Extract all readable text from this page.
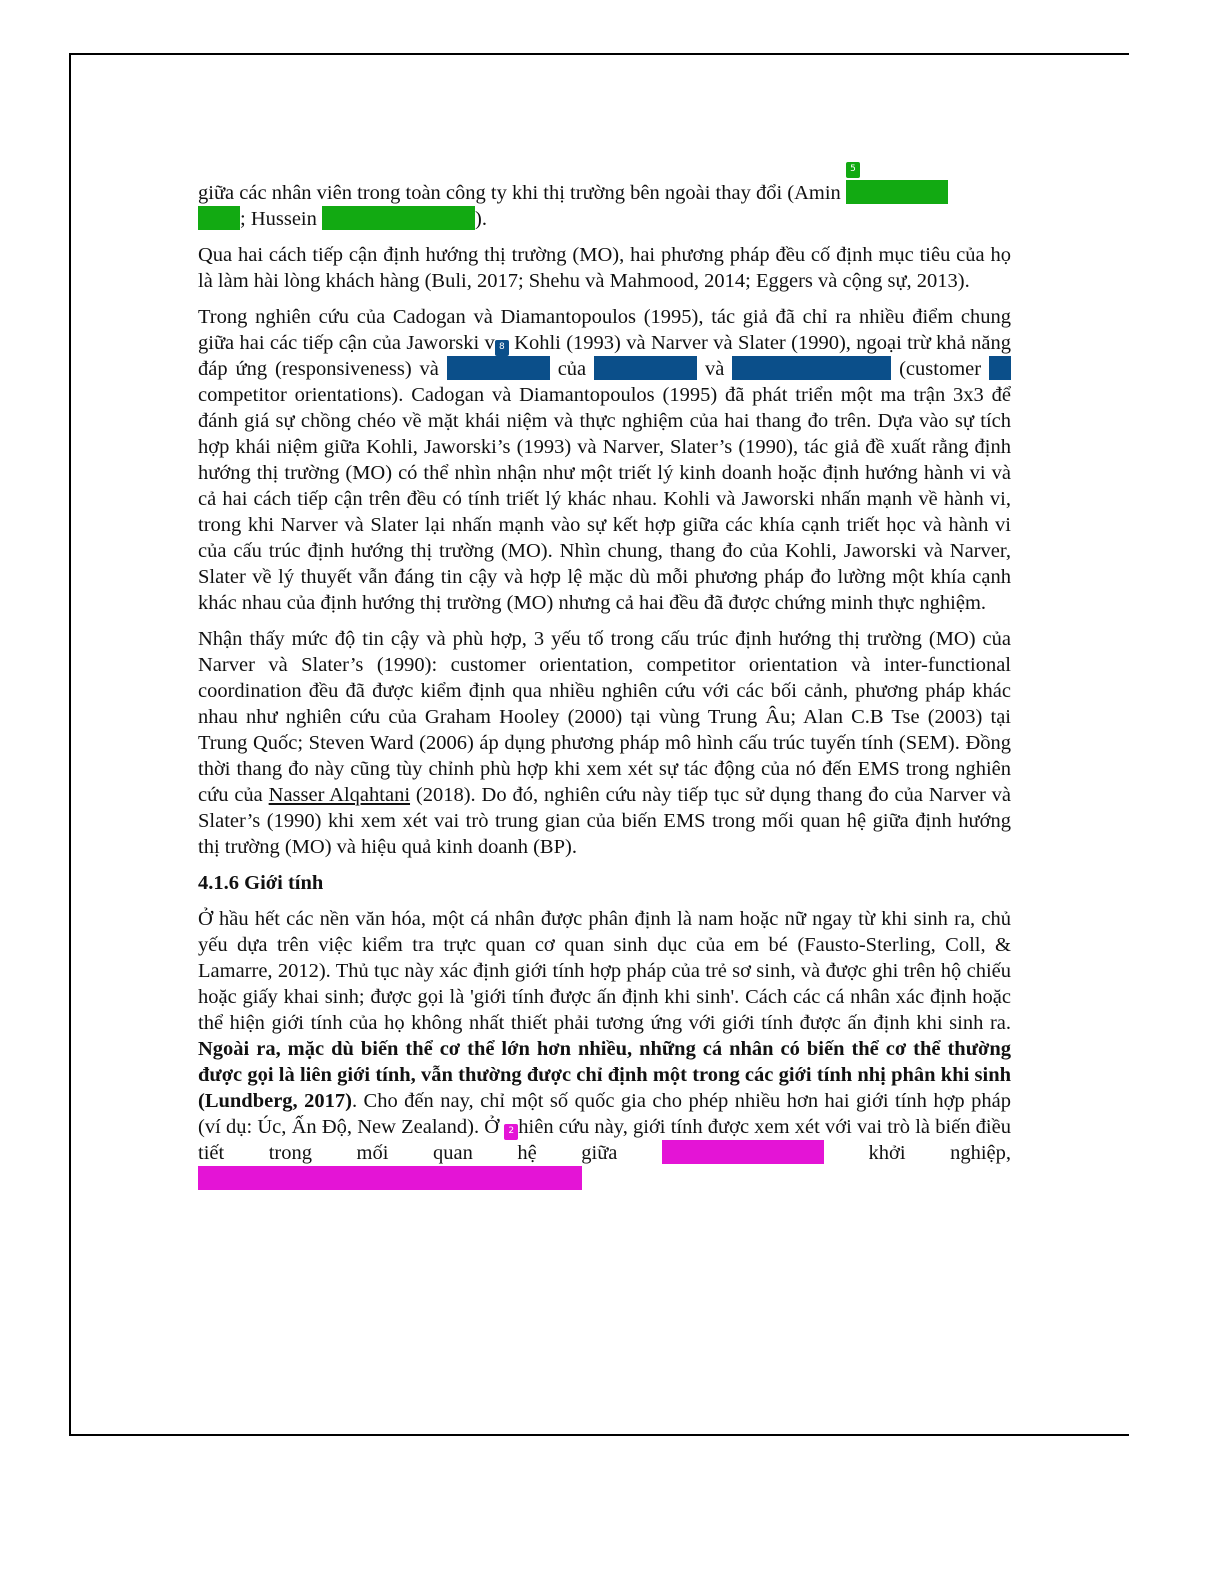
giữa các nhân viên trong toàn công ty khi thị trường bên ngoài thay đổi (Amin
5

; Hussein	).

Qua hai cách tiếp cận định hướng thị trường (MO), hai phương pháp đều cố định mục tiêu của họ là làm hài lòng khách hàng (Buli, 2017; Shehu và Mahmood, 2014; Eggers và cộng sự, 2013).

Trong nghiên cứu của Cadogan và Diamantopoulos (1995), tác giả đã chỉ ra nhiều điểm chung giữa hai các tiếp cận của Jaworski v 8 Kohli (1993) và Narver và Slater (1990), ngoại trừ khả năng đáp ứng (responsiveness) và	của	và	(customer  competitor orientations). Cadogan và Diamantopoulos (1995) đã phát triển một ma trận 3x3 để đánh giá sự chồng chéo về mặt khái niệm và thực nghiệm của hai thang đo trên. Dựa vào sự tích hợp khái niệm giữa Kohli, Jaworski’s (1993) và Narver, Slater’s (1990), tác giả đề xuất rằng định hướng thị trường (MO) có thể nhìn nhận như một triết lý kinh doanh hoặc định hướng hành vi và cả hai cách tiếp cận trên đều có tính triết lý khác nhau. Kohli và Jaworski nhấn mạnh về hành vi, trong khi Narver và Slater lại nhấn mạnh vào sự kết hợp giữa các khía cạnh triết học và hành vi của cấu trúc định hướng thị trường (MO). Nhìn chung, thang đo của Kohli, Jaworski và Narver, Slater về lý thuyết vẫn đáng tin cậy và hợp lệ mặc dù mỗi phương pháp đo lường một khía cạnh khác nhau của định hướng thị trường (MO) nhưng cả hai đều đã được chứng minh thực nghiệm.

Nhận thấy mức độ tin cậy và phù hợp, 3 yếu tố trong cấu trúc định hướng thị trường (MO) của Narver và Slater’s (1990): customer orientation, competitor orientation và inter-functional coordination đều đã được kiểm định qua nhiều nghiên cứu với các bối cảnh, phương pháp khác nhau như nghiên cứu của Graham Hooley (2000) tại vùng Trung Âu; Alan C.B Tse (2003) tại Trung Quốc; Steven Ward (2006) áp dụng phương pháp mô hình cấu trúc tuyến tính (SEM). Đồng thời thang đo này cũng tùy chỉnh phù hợp khi xem xét sự tác động của nó đến EMS trong nghiên cứu của Nasser Alqahtani (2018). Do đó, nghiên cứu này tiếp tục sử dụng thang đo của Narver và Slater’s (1990) khi xem xét vai trò trung gian của biến EMS trong mối quan hệ giữa định hướng thị trường (MO) và hiệu quả kinh doanh (BP).

4.1.6 Giới tính

Ở hầu hết các nền văn hóa, một cá nhân được phân định là nam hoặc nữ ngay từ khi sinh ra, chủ yếu dựa trên việc kiểm tra trực quan cơ quan sinh dục của em bé (Fausto-Sterling, Coll, & Lamarre, 2012). Thủ tục này xác định giới tính hợp pháp của trẻ sơ sinh, và được ghi trên hộ chiếu hoặc giấy khai sinh; được gọi là 'giới tính được ấn định khi sinh'. Cách các cá nhân xác định hoặc thể hiện giới tính của họ không nhất thiết phải tương ứng với giới tính được ấn định khi sinh ra. Ngoài ra, mặc dù biến thể cơ thể lớn hơn nhiều, những cá nhân có biến thể cơ thể thường được gọi là liên giới tính, vẫn thường được chỉ định một trong các giới tính nhị phân khi sinh (Lundberg, 2017). Cho đến nay, chỉ một số quốc gia cho phép nhiều hơn hai giới tính hợp pháp (ví dụ: Úc, Ấn Độ, New Zealand). Ở 2 hiên cứu này, giới tính được xem xét với vai trò là biến điều tiết trong mối quan hệ giữa	khởi nghiệp,
